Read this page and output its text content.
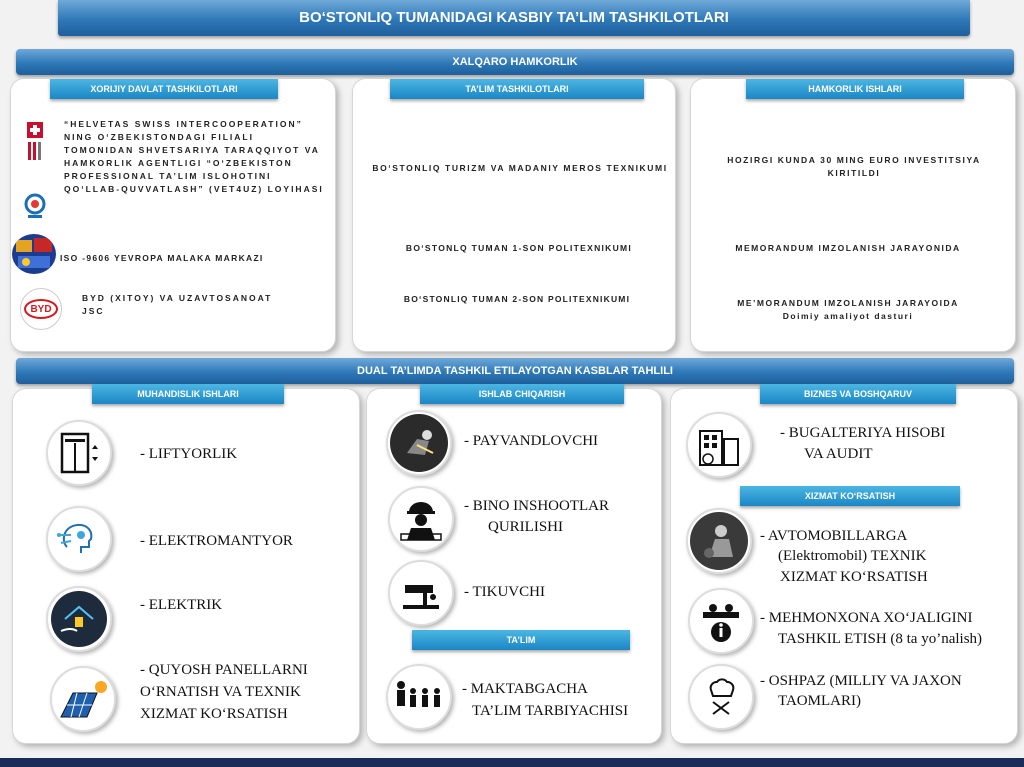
BO‘STONLIQ TUMANIDAGI KASBIY TA’LIM TASHKILOTLARI
XALQARO HAMKORLIK
XORIJIY DAVLAT TASHKILOTLARI	TA’LIM TASHKILOTLARI	HAMKORLIK ISHLARI
BYD
“HELVETAS SWISS INTERCOOPERATION” NING O‘ZBEKISTONDAGI FILIALI TOMONIDAN SHVETSARIYA TARAQQIYOT VA HAMKORLIK AGENTLIGI “O‘ZBEKISTON PROFESSIONAL TA’LIM ISLOHOTINI QO‘LLAB-QUVVATLASH” (VET4UZ) LOYIHASI
ISO -9606 YEVROPA MALAKA MARKAZI
BYD (XITOY) VA UZAVTOSANOAT JSC
BO‘STONLIQ TURIZM VA MADANIY MEROS TEXNIKUMI
BO‘STONLQ TUMAN 1-SON POLITEXNIKUMI
BO‘STONLIQ TUMAN 2-SON POLITEXNIKUMI
HOZIRGI KUNDA 30 MING EURO INVESTITSIYA KIRITILDI
MEMORANDUM IMZOLANISH JARAYONIDA
ME’MORANDUM IMZOLANISH JARAYOIDA
Doimiy amaliyot dasturi
DUAL TA’LIMDA TASHKIL ETILAYOTGAN KASBLAR TAHLILI
MUHANDISLIK ISHLARI	ISHLAB CHIQARISH	BIZNES VA BOSHQARUV
XIZMAT KO‘RSATISH
TA’LIM
- LIFTYORLIK
- ELEKTROMANTYOR
- ELEKTRIK
- QUYOSH PANELLARNI
O‘RNATISH VA TEXNIK
XIZMAT KO‘RSATISH
- PAYVANDLOVCHI
- BINO INSHOOTLAR
QURILISHI
- TIKUVCHI
- MAKTABGACHA
TA’LIM TARBIYACHISI
- BUGALTERIYA HISOBI
VA AUDIT
- AVTOMOBILLARGA
(Elektromobil) TEXNIK
XIZMAT KO‘RSATISH
- MEHMONXONA XO‘JALIGINI
TASHKIL ETISH (8 ta yo’nalish)
- OSHPAZ (MILLIY VA JAXON
TAOMLARI)
